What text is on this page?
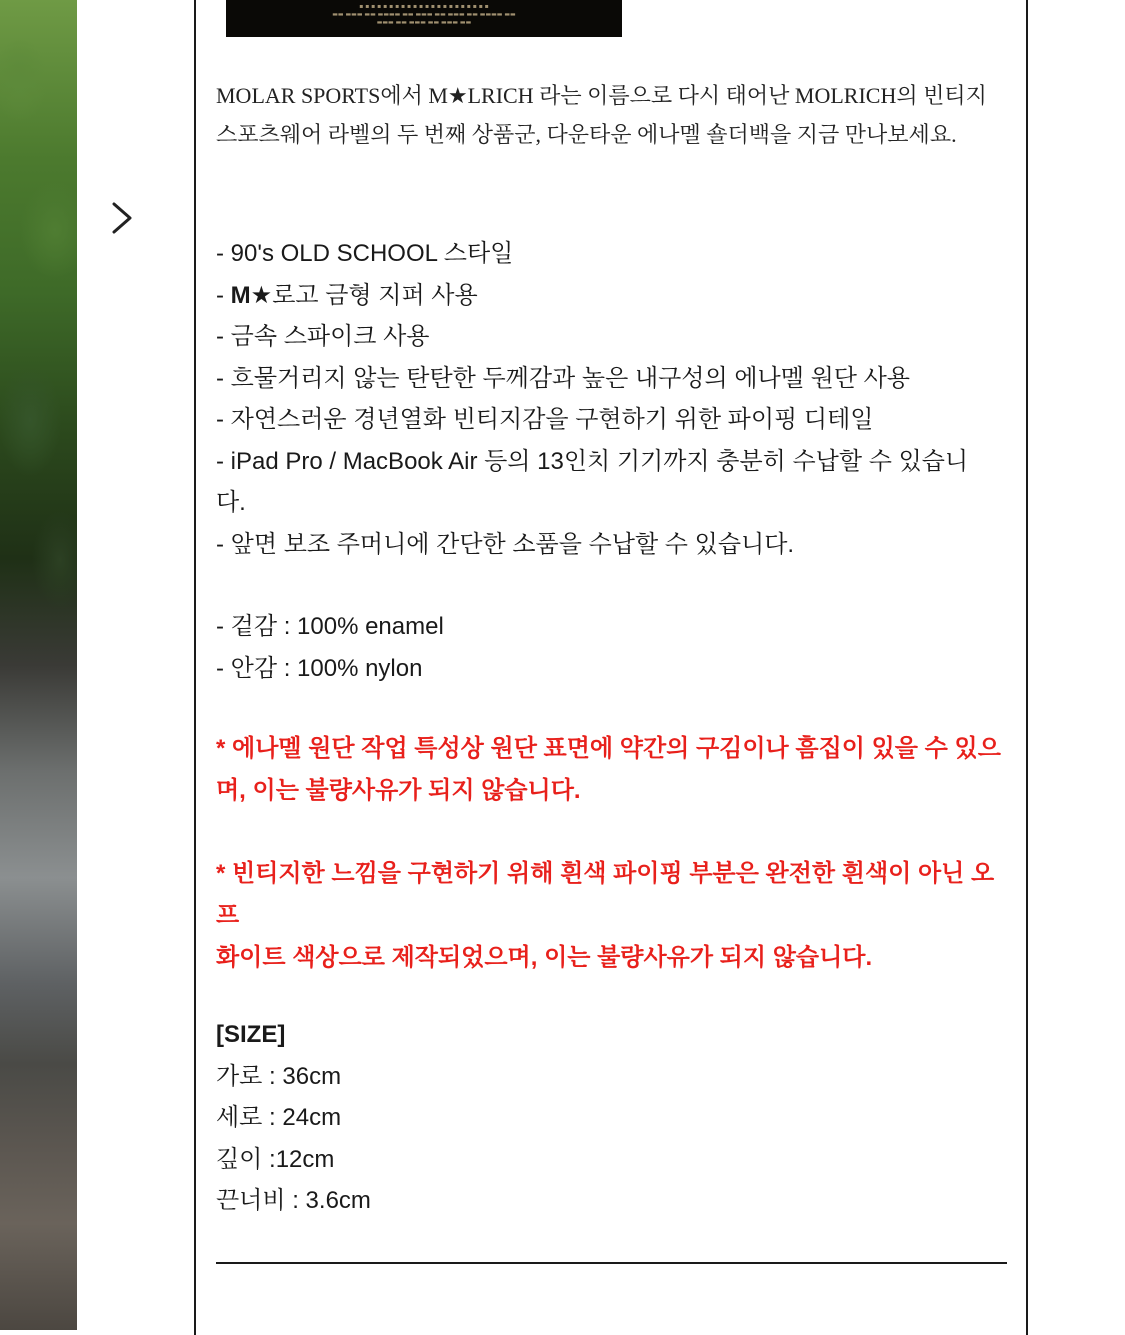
▪ ▪ ▪ ▪ ▪ ▪ ▪ ▪ ▪ ▪ ▪ ▪ ▪ ▪ ▪ ▪ ▪ ▪ ▪ ▪ ▪ ▪
▬▬ ▬▬▬ ▬▬ ▬▬▬▬ ▬▬ ▬▬▬ ▬▬ ▬▬▬ ▬▬ ▬▬▬▬ ▬▬
▬▬▬ ▬▬ ▬▬▬ ▬▬ ▬▬▬ ▬▬
MOLAR SPORTS에서 M★LRICH 라는 이름으로 다시 태어난 MOLRICH의 빈티지
스포츠웨어 라벨의 두 번째 상품군, 다운타운 에나멜 숄더백을 지금 만나보세요.
- 90's OLD SCHOOL 스타일
- M★로고 금형 지퍼 사용
- 금속 스파이크 사용
- 흐물거리지 않는 탄탄한 두께감과 높은 내구성의 에나멜 원단 사용
- 자연스러운 경년열화 빈티지감을 구현하기 위한 파이핑 디테일
- iPad Pro / MacBook Air 등의 13인치 기기까지 충분히 수납할 수 있습니
다.
- 앞면 보조 주머니에 간단한 소품을 수납할 수 있습니다.
- 겉감 : 100% enamel
- 안감 : 100% nylon
* 에나멜 원단 작업 특성상 원단 표면에 약간의 구김이나 흠집이 있을 수 있으
며, 이는 불량사유가 되지 않습니다.
* 빈티지한 느낌을 구현하기 위해 흰색 파이핑 부분은 완전한 흰색이 아닌 오프
화이트 색상으로 제작되었으며, 이는 불량사유가 되지 않습니다.
[SIZE]
가로 : 36cm
세로 : 24cm
깊이 :12cm
끈너비 : 3.6cm
